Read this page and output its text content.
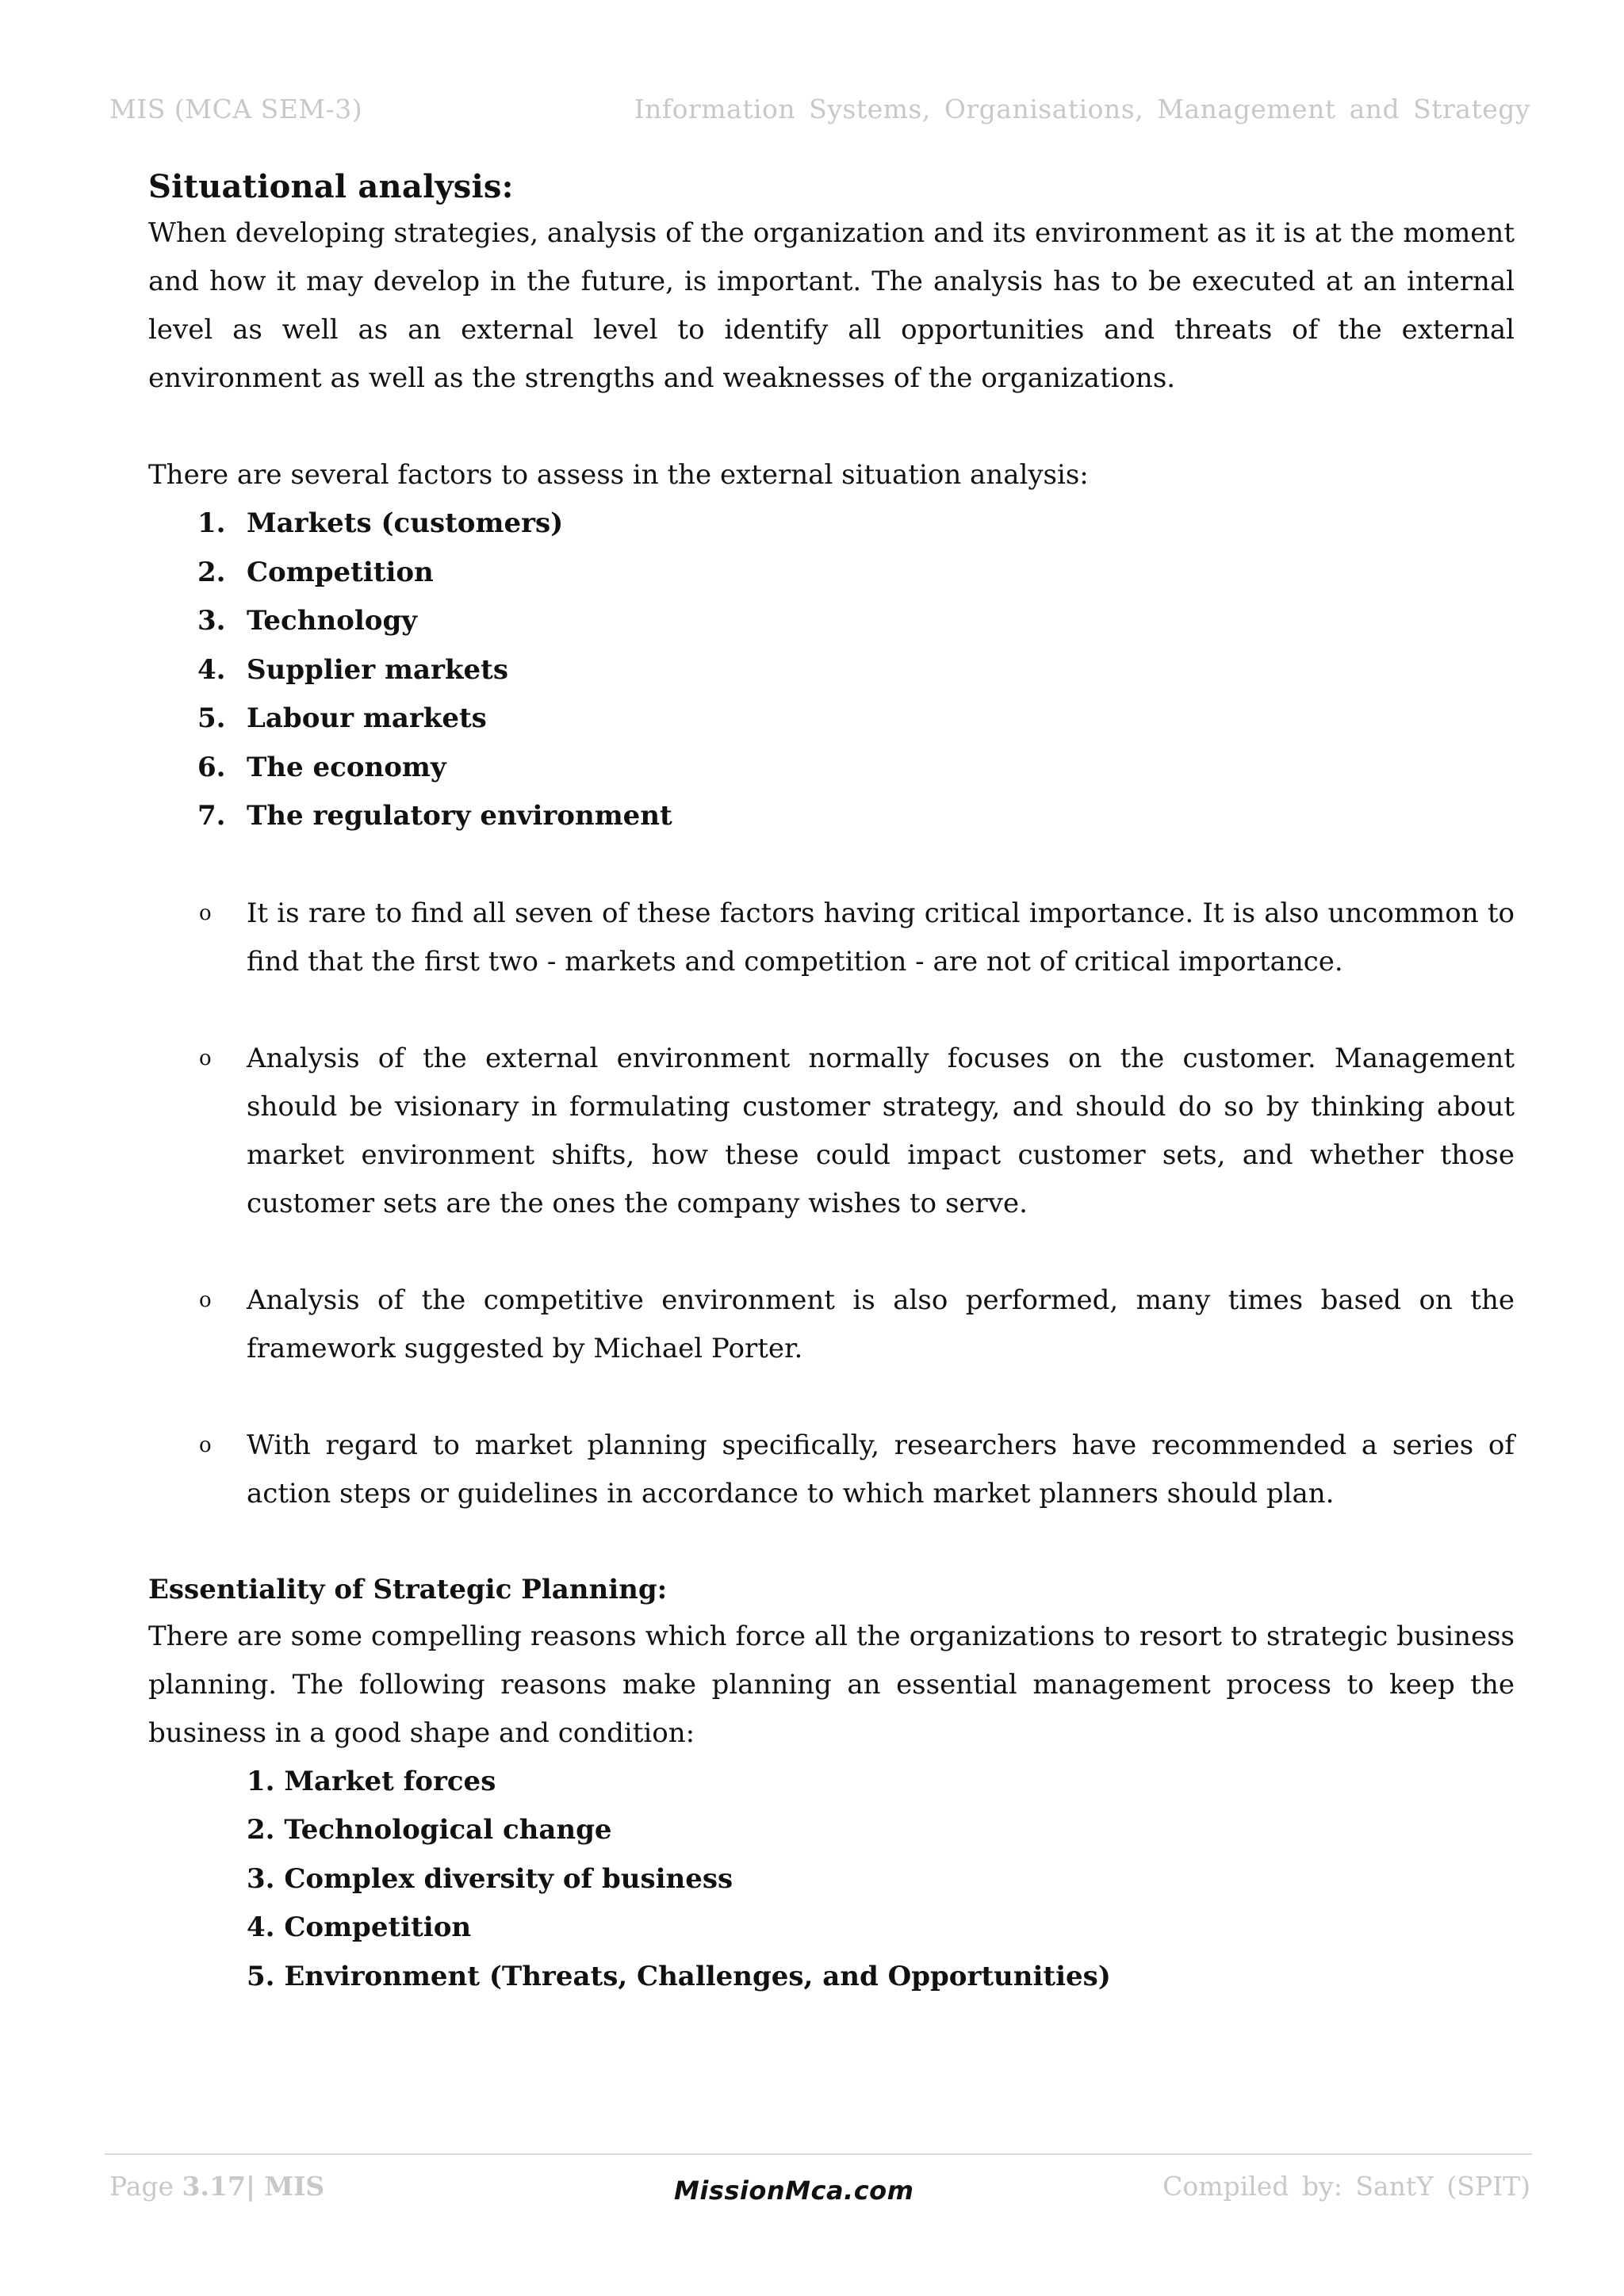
MIS (MCA SEM-3)	Information Systems, Organisations, Management and Strategy
Situational analysis:

When developing strategies, analysis of the organization and its environment as it is at the moment and how it may develop in the future, is important. The analysis has to be executed at an internal level as well as an external level to identify all opportunities and threats of the external environment as well as the strengths and weaknesses of the organizations.

There are several factors to assess in the external situation analysis:

1. Markets (customers)
2. Competition
3. Technology
4. Supplier markets
5. Labour markets
6. The economy
7. The regulatory environment
o It is rare to find all seven of these factors having critical importance. It is also uncommon to find that the first two - markets and competition - are not of critical importance.
o Analysis of the external environment normally focuses on the customer. Management should be visionary in formulating customer strategy, and should do so by thinking about market environment shifts, how these could impact customer sets, and whether those customer sets are the ones the company wishes to serve.
o Analysis of the competitive environment is also performed, many times based on the framework suggested by Michael Porter.
o With regard to market planning specifically, researchers have recommended a series of action steps or guidelines in accordance to which market planners should plan.
Essentiality of Strategic Planning:

There are some compelling reasons which force all the organizations to resort to strategic business planning. The following reasons make planning an essential management process to keep the business in a good shape and condition:

1. Market forces
2. Technological change
3. Complex diversity of business
4. Competition
5. Environment (Threats, Challenges, and Opportunities)
Page 3.17| MIS	MissionMca.com	Compiled by: SantY (SPIT)
